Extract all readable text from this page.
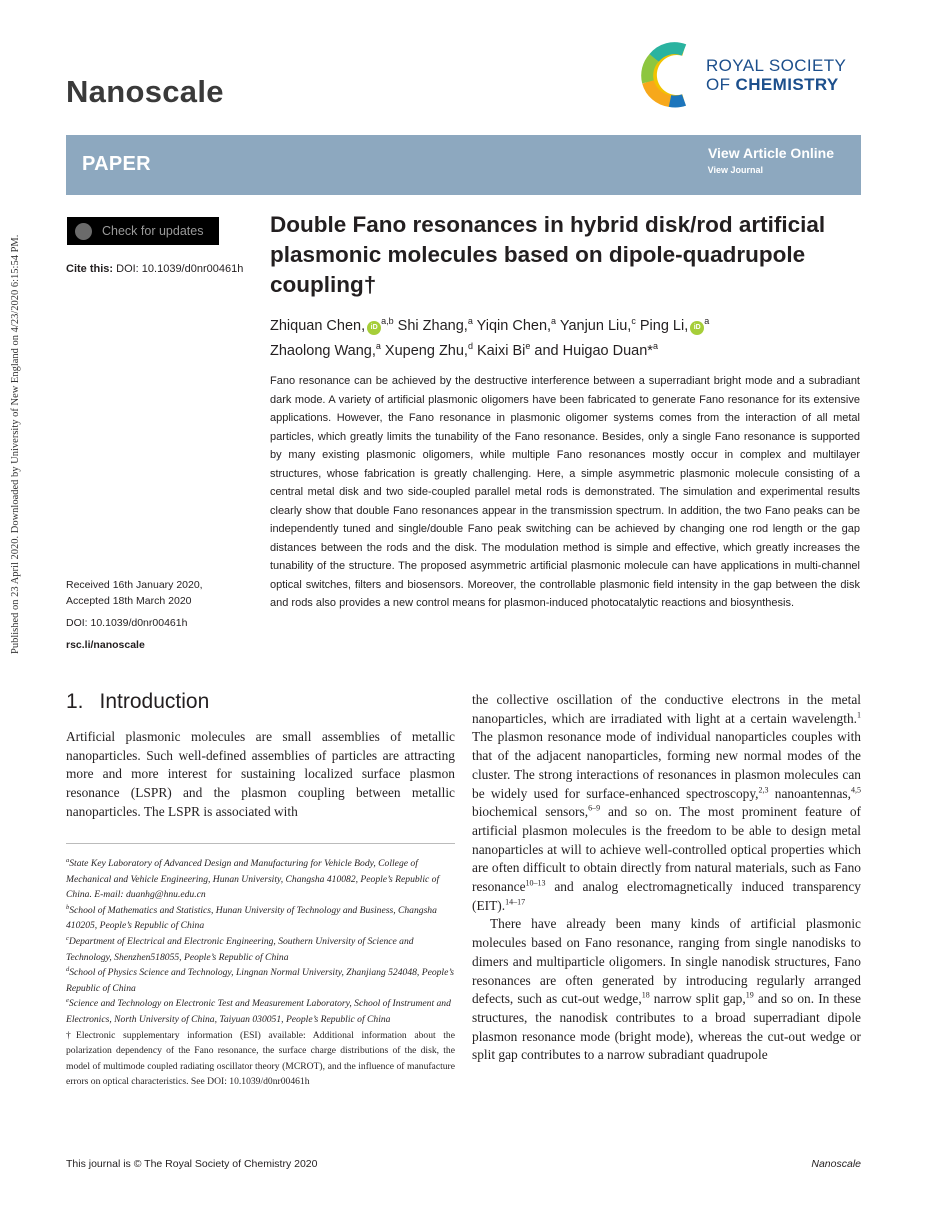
Published on 23 April 2020. Downloaded by University of New England on 4/23/2020 6:15:54 PM.
Nanoscale
ROYAL SOCIETY
OF CHEMISTRY
PAPER	View Article Online
View Journal
Check for updates
Cite this: DOI: 10.1039/d0nr00461h
Double Fano resonances in hybrid disk/rod artificial plasmonic molecules based on dipole-quadrupole coupling†
Zhiquan Chen, iD$^{a,b}$ Shi Zhang,$^a$ Yiqin Chen,$^a$ Yanjun Liu,$^c$ Ping Li, $iD^a$
Zhaolong Wang,$^a$ Xupeng Zhu,$^d$ Kaixi Bi$^e$ and Huigao Duan*$^a$
Fano resonance can be achieved by the destructive interference between a superradiant bright mode and a subradiant dark mode. A variety of artificial plasmonic oligomers have been fabricated to generate Fano resonance for its extensive applications. However, the Fano resonance in plasmonic oligomer systems comes from the interaction of all metal particles, which greatly limits the tunability of the Fano resonance. Besides, only a single Fano resonance is supported by many existing plasmonic oligomers, while multiple Fano resonances mostly occur in complex and multilayer structures, whose fabrication is greatly challenging. Here, a simple asymmetric plasmonic molecule consisting of a central metal disk and two side-coupled parallel metal rods is demonstrated. The simulation and experimental results clearly show that double Fano resonances appear in the transmission spectrum. In addition, the two Fano peaks can be independently tuned and single/double Fano peak switching can be achieved by changing one rod length or the gap distances between the rods and the disk. The modulation method is simple and effective, which greatly increases the tunability of the structure. The proposed asymmetric artificial plasmonic molecule can have applications in multi-channel optical switches, filters and biosensors. Moreover, the controllable plasmonic field intensity in the gap between the disk and rods also provides a new control means for plasmon-induced photocatalytic reactions and biosynthesis.
Received 16th January 2020,
Accepted 18th March 2020
DOI: 10.1039/d0nr00461h
rsc.li/nanoscale
1. Introduction

Artificial plasmonic molecules are small assemblies of metallic nanoparticles. Such well-defined assemblies of particles are attracting more and more interest for sustaining localized surface plasmon resonance (LSPR) and the plasmon coupling between metallic nanoparticles. The LSPR is associated with

$^a$State Key Laboratory of Advanced Design and Manufacturing for Vehicle Body, College of Mechanical and Vehicle Engineering, Hunan University, Changsha 410082, People’s Republic of China. E-mail: duanhg@hnu.edu.cn
$^b$School of Mathematics and Statistics, Hunan University of Technology and Business, Changsha 410205, People’s Republic of China
$^c$Department of Electrical and Electronic Engineering, Southern University of Science and Technology, Shenzhen518055, People’s Republic of China
$^d$School of Physics Science and Technology, Lingnan Normal University, Zhanjiang 524048, People’s Republic of China
$^e$Science and Technology on Electronic Test and Measurement Laboratory, School of Instrument and Electronics, North University of China, Taiyuan 030051, People’s Republic of China
†Electronic supplementary information (ESI) available: Additional information about the polarization dependency of the Fano resonance, the surface charge distributions of the disk, the model of multimode coupled radiating oscillator theory (MCROT), and the influence of manufacture errors on optical characteristics. See DOI: 10.1039/d0nr00461h

the collective oscillation of the conductive electrons in the metal nanoparticles, which are irradiated with light at a certain wavelength.$^1$ The plasmon resonance mode of individual nanoparticles couples with that of the adjacent nanoparticles, forming new normal modes of the cluster. The strong interactions of resonances in plasmon molecules can be widely used for surface-enhanced spectroscopy,$^{2,3}$ nanoantennas,$^{4,5}$ biochemical sensors,$^{6-9}$ and so on. The most prominent feature of artificial plasmon molecules is the freedom to be able to design metal nanoparticles at will to achieve well-controlled optical properties which are often difficult to obtain directly from natural materials, such as Fano resonance$^{10-13}$ and analog electromagnetically induced transparency (EIT).$^{14-17}$

There have already been many kinds of artificial plasmonic molecules based on Fano resonance, ranging from single nanodisks to dimers and multiparticle oligomers. In single nanodisk structures, Fano resonances are often generated by introducing regularly arranged defects, such as cut-out wedge,$^{18}$ narrow split gap,$^{19}$ and so on. In these structures, the nanodisk contributes to a broad superradiant dipole plasmon resonance mode (bright mode), whereas the cut-out wedge or split gap contributes to a narrow subradiant quadrupole

This journal is © The Royal Society of Chemistry 2020	Nanoscale
